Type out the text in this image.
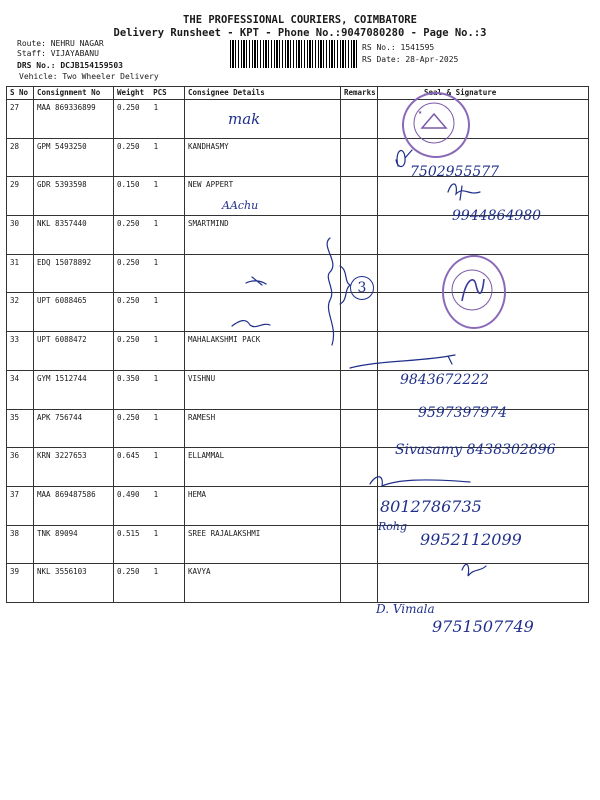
THE PROFESSIONAL COURIERS, COIMBATORE
Delivery Runsheet - KPT - Phone No.:9047080280 - Page No.:3
Route: NEHRU NAGAR
Staff: VIJAYABANU
DRS No.: DCJB154159503
Vehicle: Two Wheeler Delivery
RS No.: 1541595
RS Date: 28-Apr-2025
S No	Consignment No	Weight PCS	Consignee Details	Remarks	Seal & Signature
27	MAA 869336899	0.250 1			
28	GPM 5493250	0.250 1	KANDHASMY		
29	GDR 5393598	0.150 1	NEW APPERT		
30	NKL 8357440	0.250 1	SMARTMIND		
31	EDQ 15078892	0.250 1			
32	UPT 6088465	0.250 1			
33	UPT 6088472	0.250 1	MAHALAKSHMI PACK		
34	GYM 1512744	0.350 1	VISHNU		
35	APK 756744	0.250 1	RAMESH		
36	KRN 3227653	0.645 1	ELLAMMAL		
37	MAA 869487586	0.490 1	HEMA		
38	TNK 89094	0.515 1	SREE RAJALAKSHMI		
39	NKL 3556103	0.250 1	KAVYA		
★
mak
AAchu
7502955577
9944864980
3
9843672222
9597397974
Sivasamy 8438302896
8012786735
Rohg
9952112099
D. Vimala
9751507749
